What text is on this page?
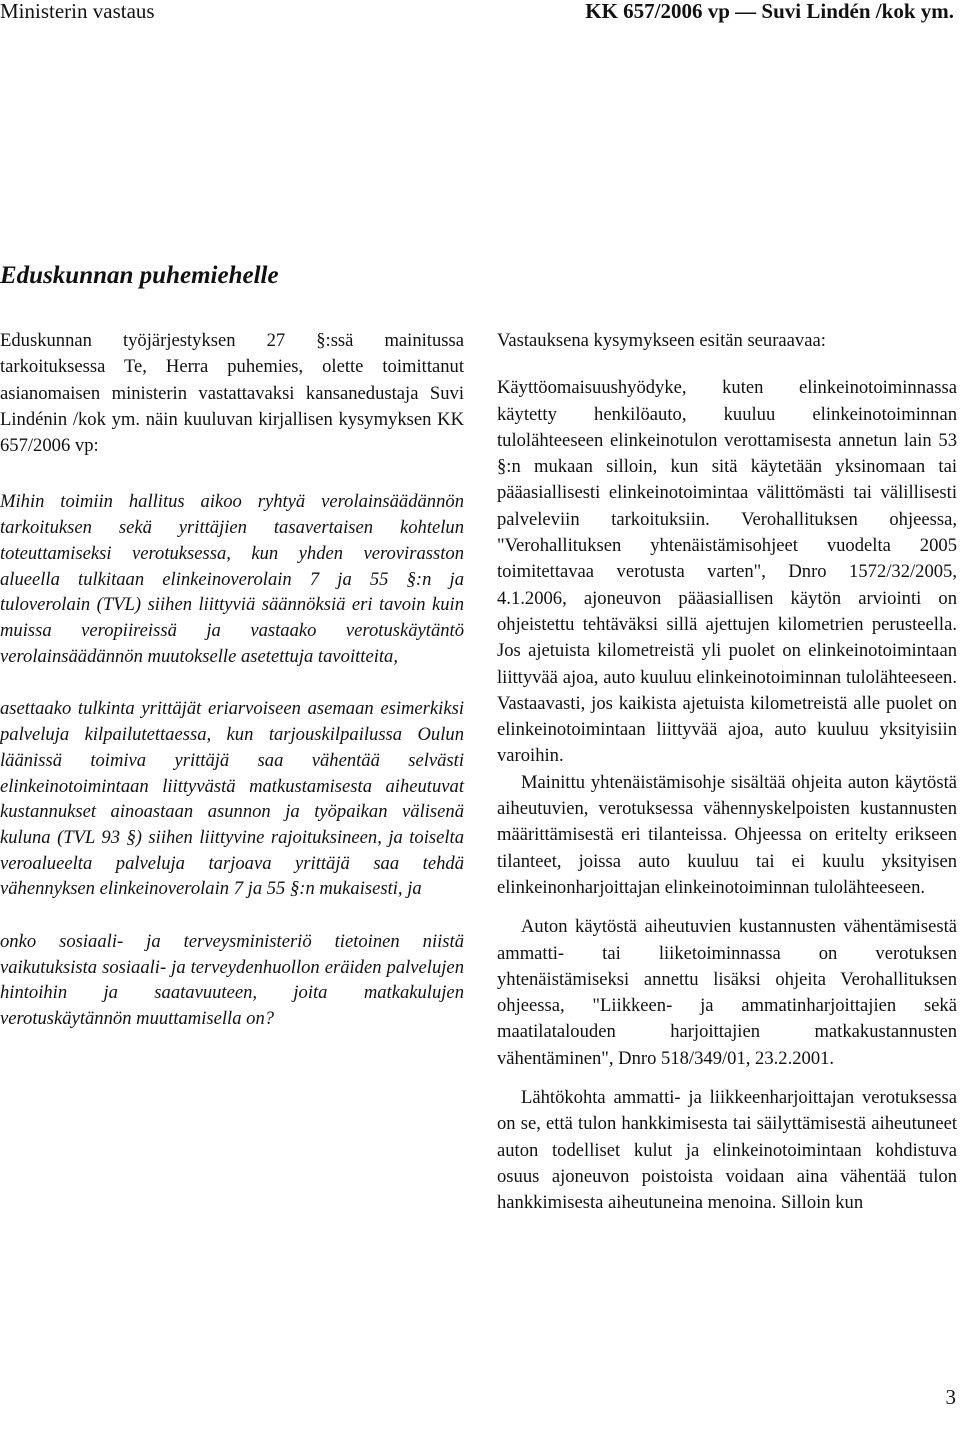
Ministerin vastaus	KK 657/2006 vp — Suvi Lindén /kok ym.
Eduskunnan puhemiehelle

Eduskunnan työjärjestyksen 27 §:ssä mainitussa tarkoituksessa Te, Herra puhemies, olette toimittanut asianomaisen ministerin vastattavaksi kansanedustaja Suvi Lindénin /kok ym. näin kuuluvan kirjallisen kysymyksen KK 657/2006 vp:

Mihin toimiin hallitus aikoo ryhtyä verolainsäädännön tarkoituksen sekä yrittäjien tasavertaisen kohtelun toteuttamiseksi verotuksessa, kun yhden verovirasston alueella tulkitaan elinkeinoverolain 7 ja 55 §:n ja tuloverolain (TVL) siihen liittyviä säännöksiä eri tavoin kuin muissa veropiireissä ja vastaako verotuskäytäntö verolainsäädännön muutokselle asetettuja tavoitteita,

asettaako tulkinta yrittäjät eriarvoiseen asemaan esimerkiksi palveluja kilpailutettaessa, kun tarjouskilpailussa Oulun läänissä toimiva yrittäjä saa vähentää selvästi elinkeinotoimintaan liittyvästä matkustamisesta aiheutuvat kustannukset ainoastaan asunnon ja työpaikan välisenä kuluna (TVL 93 §) siihen liittyvine rajoituksineen, ja toiselta veroalueelta palveluja tarjoava yrittäjä saa tehdä vähennyksen elinkeinoverolain 7 ja 55 §:n mukaisesti, ja

onko sosiaali- ja terveysministeriö tietoinen niistä vaikutuksista sosiaali- ja terveydenhuollon eräiden palvelujen hintoihin ja saatavuuteen, joita matkakulujen verotuskäytännön muuttamisella on?

Vastauksena kysymykseen esitän seuraavaa:

Käyttöomaisuushyödyke, kuten elinkeinotoiminnassa käytetty henkilöauto, kuuluu elinkeinotoiminnan tulolähteeseen elinkeinotulon verottamisesta annetun lain 53 §:n mukaan silloin, kun sitä käytetään yksinomaan tai pääasiallisesti elinkeinotoimintaa välittömästi tai välillisesti palveleviin tarkoituksiin. Verohallituksen ohjeessa, "Verohallituksen yhtenäistämisohjeet vuodelta 2005 toimitettavaa verotusta varten", Dnro 1572/32/2005, 4.1.2006, ajoneuvon pääasiallisen käytön arviointi on ohjeistettu tehtäväksi sillä ajettujen kilometrien perusteella. Jos ajetuista kilometreistä yli puolet on elinkeinotoimintaan liittyvää ajoa, auto kuuluu elinkeinotoiminnan tulolähteeseen. Vastaavasti, jos kaikista ajetuista kilometreistä alle puolet on elinkeinotoimintaan liittyvää ajoa, auto kuuluu yksityisiin varoihin.

Mainittu yhtenäistämisohje sisältää ohjeita auton käytöstä aiheutuvien, verotuksessa vähennyskelpoisten kustannusten määrittämisestä eri tilanteissa. Ohjeessa on eritelty erikseen tilanteet, joissa auto kuuluu tai ei kuulu yksityisen elinkeinonharjoittajan elinkeinotoiminnan tulolähteeseen.

Auton käytöstä aiheutuvien kustannusten vähentämisestä ammatti- tai liiketoiminnassa on verotuksen yhtenäistämiseksi annettu lisäksi ohjeita Verohallituksen ohjeessa, "Liikkeen- ja ammatinharjoittajien sekä maatilatalouden harjoittajien matkakustannusten vähentäminen", Dnro 518/349/01, 23.2.2001.

Lähtökohta ammatti- ja liikkeenharjoittajan verotuksessa on se, että tulon hankkimisesta tai säilyttämisestä aiheutuneet auton todelliset kulut ja elinkeinotoimintaan kohdistuva osuus ajoneuvon poistoista voidaan aina vähentää tulon hankkimisesta aiheutuneina menoina. Silloin kun

3
